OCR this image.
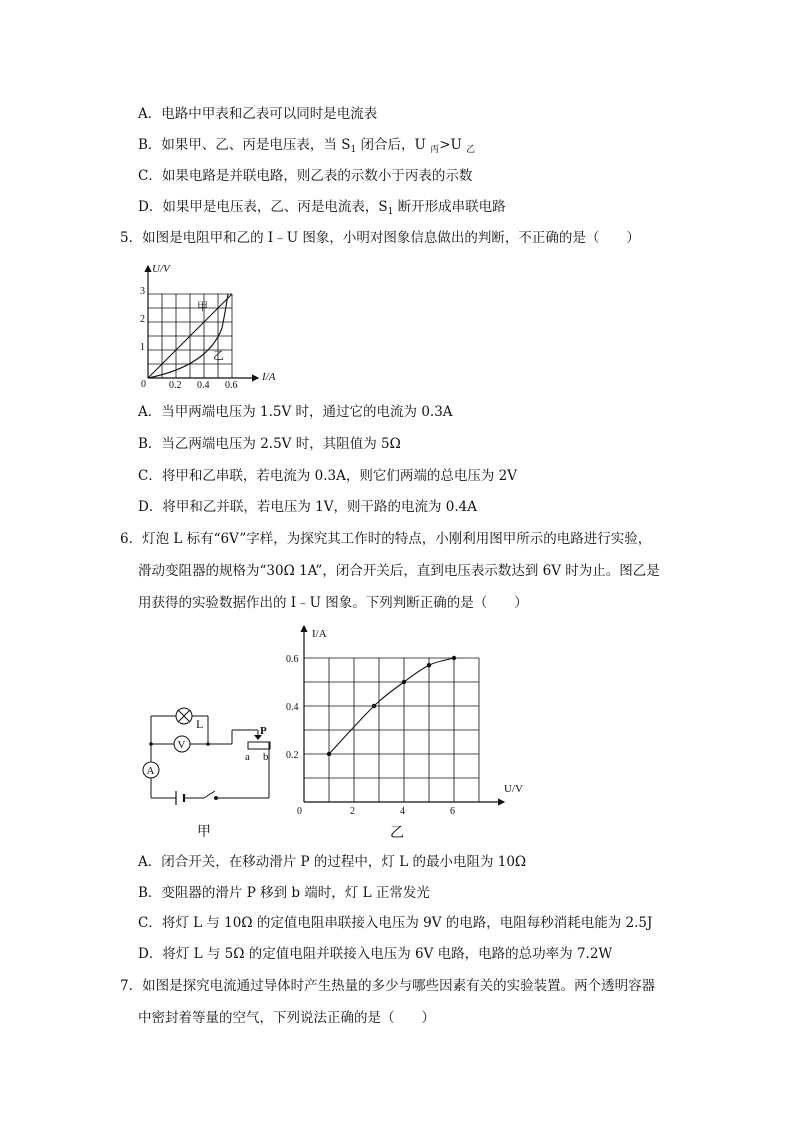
A．电路中甲表和乙表可以同时是电流表
B．如果甲、乙、丙是电压表，当 $S_1$ 闭合后，U $_丙$>U $_乙$
C．如果电路是并联电路，则乙表的示数小于丙表的示数
D．如果甲是电压表，乙、丙是电流表，$S_1$ 断开形成串联电路
5．如图是电阻甲和乙的 I﹣U 图象，小明对图象信息做出的判断，不正确的是（　　）
U/V
I/A
0
1
2
3
0.2 0.4 0.6
甲
乙
A．当甲两端电压为 1.5V 时，通过它的电流为 0.3A
B．当乙两端电压为 2.5V 时，其阻值为 5Ω
C．将甲和乙串联，若电流为 0.3A，则它们两端的总电压为 2V
D．将甲和乙并联，若电压为 1V，则干路的电流为 0.4A
6．灯泡 L 标有“6V”字样，为探究其工作时的特点，小刚利用图甲所示的电路进行实验，
滑动变阻器的规格为“30Ω 1A”，闭合开关后，直到电压表示数达到 6V 时为止。图乙是
用获得的实验数据作出的 I﹣U 图象。下列判断正确的是（　　）
L
V
A
P
a b
甲
I/A
U/V
0
0.2
0.4
0.6
2	4	6
乙
A．闭合开关，在移动滑片 P 的过程中，灯 L 的最小电阻为 10Ω
B．变阻器的滑片 P 移到 b 端时，灯 L 正常发光
C．将灯 L 与 10Ω 的定值电阻串联接入电压为 9V 的电路，电阻每秒消耗电能为 2.5J
D．将灯 L 与 5Ω 的定值电阻并联接入电压为 6V 电路，电路的总功率为 7.2W
7．如图是探究电流通过导体时产生热量的多少与哪些因素有关的实验装置。两个透明容器
中密封着等量的空气，下列说法正确的是（　　）
